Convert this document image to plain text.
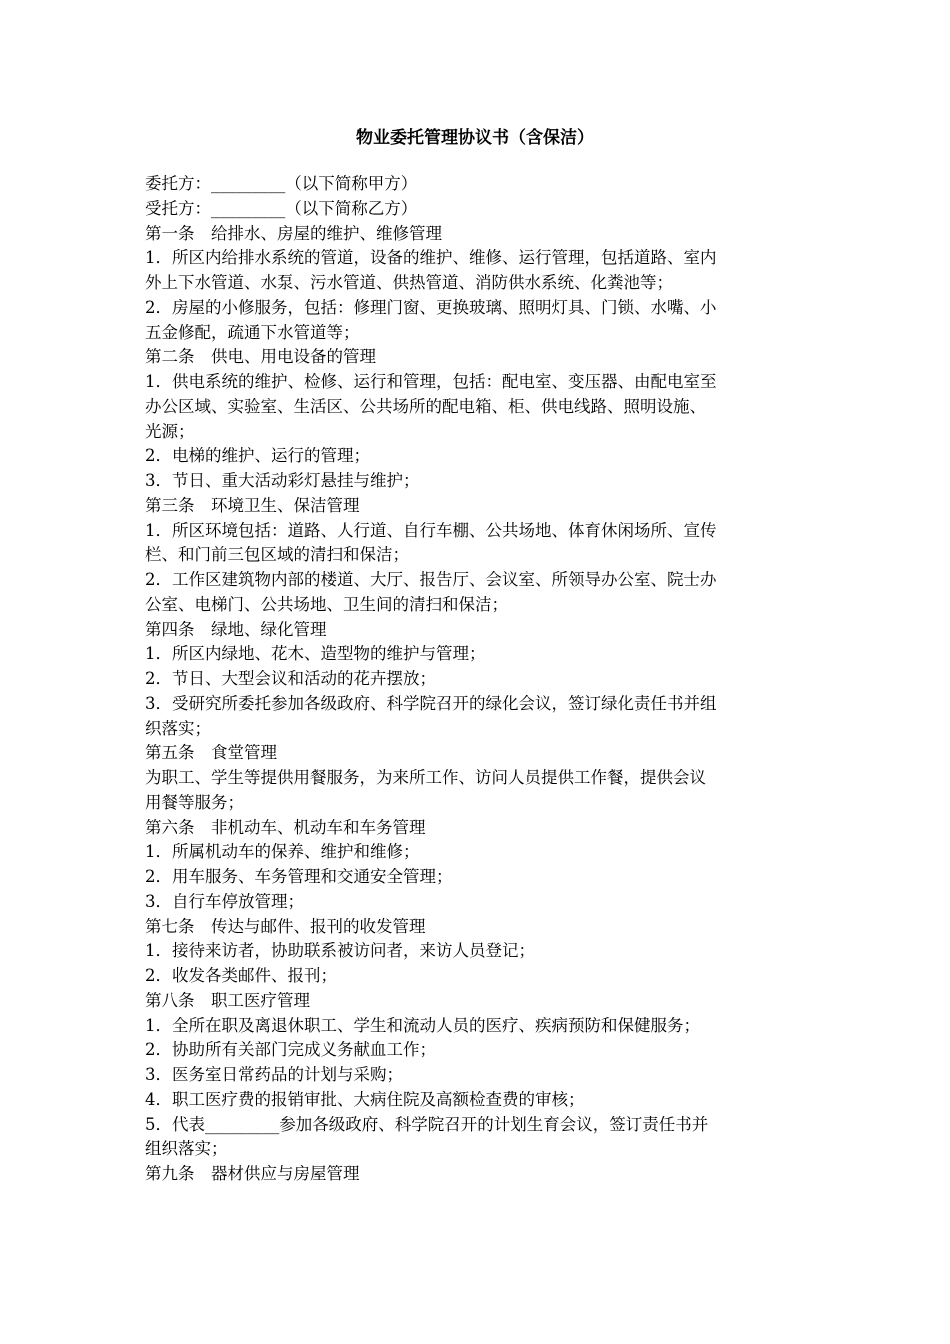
物业委托管理协议书（含保洁）
委托方：_________（以下简称甲方）
受托方：_________（以下简称乙方）
第一条　给排水、房屋的维护、维修管理
1．所区内给排水系统的管道，设备的维护、维修、运行管理，包括道路、室内
外上下水管道、水泵、污水管道、供热管道、消防供水系统、化粪池等；
2．房屋的小修服务，包括：修理门窗、更换玻璃、照明灯具、门锁、水嘴、小
五金修配，疏通下水管道等；
第二条　供电、用电设备的管理
1．供电系统的维护、检修、运行和管理，包括：配电室、变压器、由配电室至
办公区域、实验室、生活区、公共场所的配电箱、柜、供电线路、照明设施、
光源；
2．电梯的维护、运行的管理；
3．节日、重大活动彩灯悬挂与维护；
第三条　环境卫生、保洁管理
1．所区环境包括：道路、人行道、自行车棚、公共场地、体育休闲场所、宣传
栏、和门前三包区域的清扫和保洁；
2．工作区建筑物内部的楼道、大厅、报告厅、会议室、所领导办公室、院士办
公室、电梯门、公共场地、卫生间的清扫和保洁；
第四条　绿地、绿化管理
1．所区内绿地、花木、造型物的维护与管理；
2．节日、大型会议和活动的花卉摆放；
3．受研究所委托参加各级政府、科学院召开的绿化会议，签订绿化责任书并组
织落实；
第五条　食堂管理
为职工、学生等提供用餐服务，为来所工作、访问人员提供工作餐，提供会议
用餐等服务；
第六条　非机动车、机动车和车务管理
1．所属机动车的保养、维护和维修；
2．用车服务、车务管理和交通安全管理；
3．自行车停放管理；
第七条　传达与邮件、报刊的收发管理
1．接待来访者，协助联系被访问者，来访人员登记；
2．收发各类邮件、报刊；
第八条　职工医疗管理
1．全所在职及离退休职工、学生和流动人员的医疗、疾病预防和保健服务；
2．协助所有关部门完成义务献血工作；
3．医务室日常药品的计划与采购；
4．职工医疗费的报销审批、大病住院及高额检查费的审核；
5．代表_________参加各级政府、科学院召开的计划生育会议，签订责任书并
组织落实；
第九条　器材供应与房屋管理
